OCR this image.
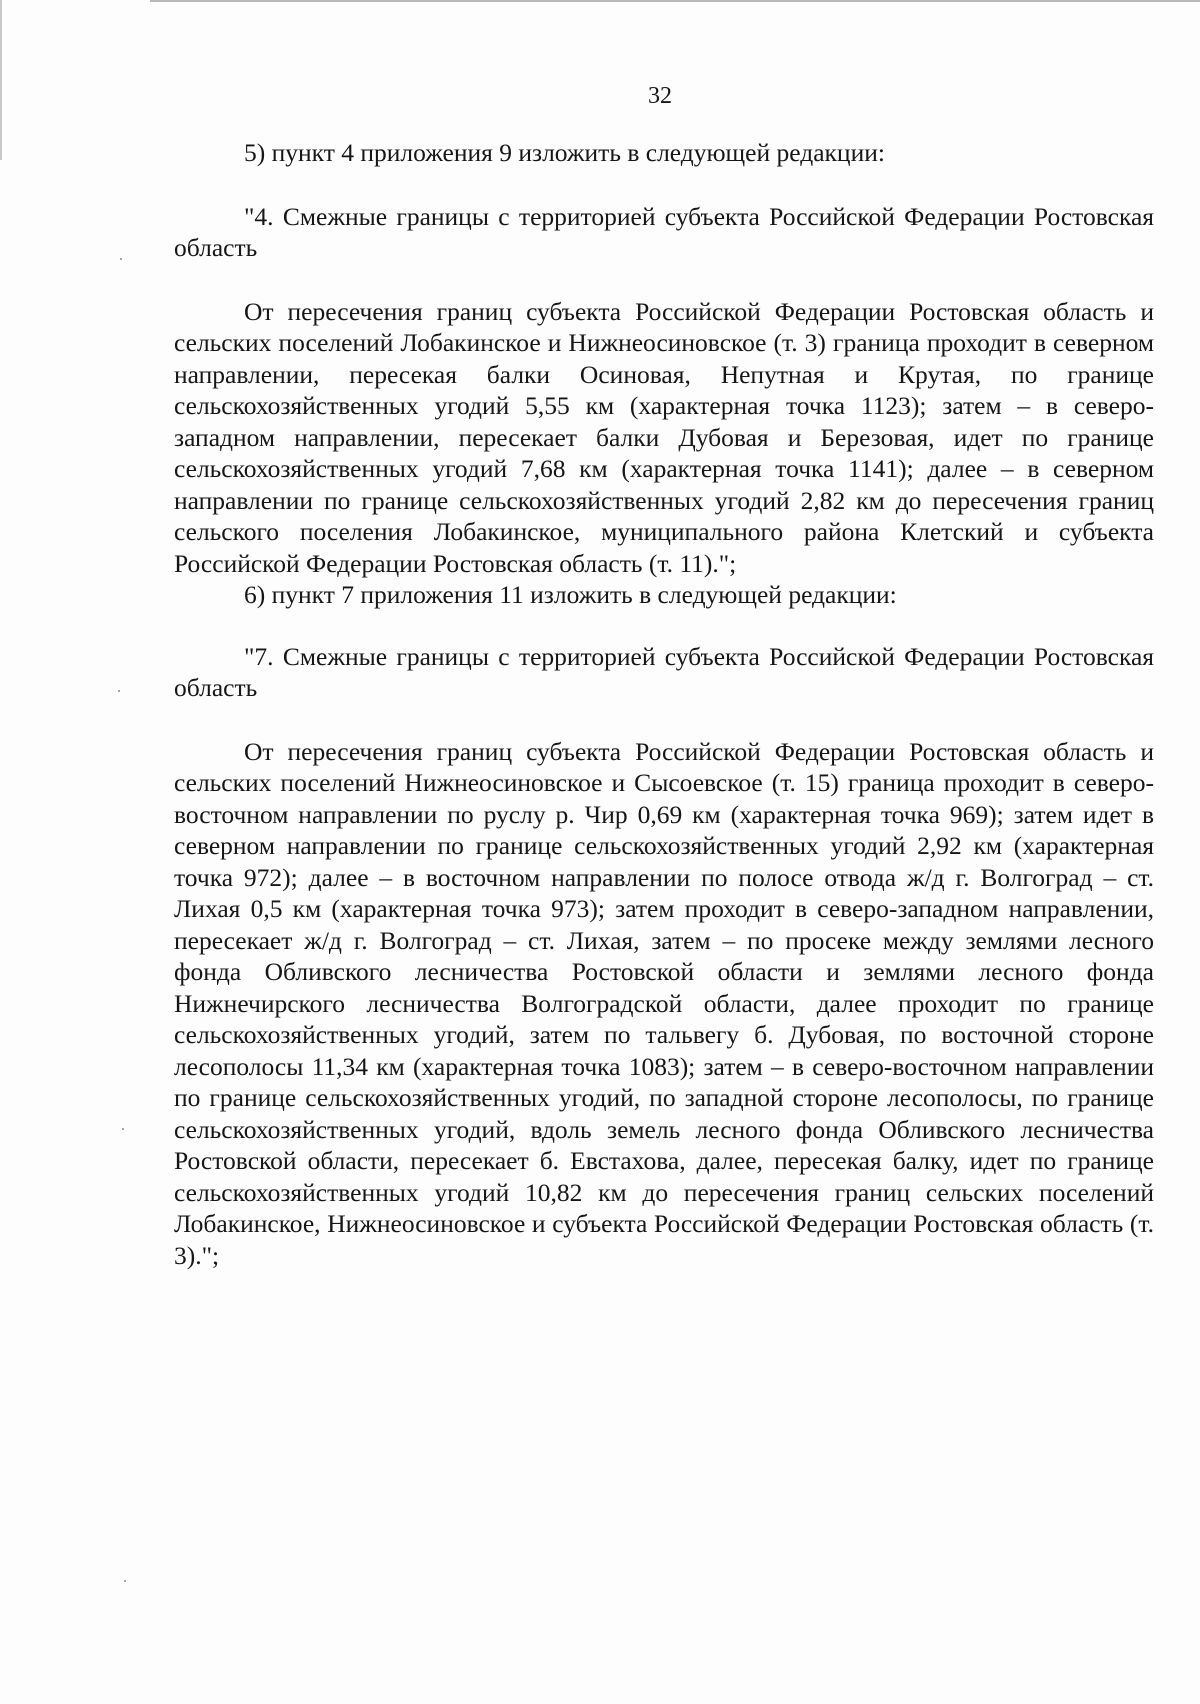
32

5) пункт 4 приложения 9 изложить в следующей редакции:

"4. Смежные границы с территорией субъекта Российской Федерации Ростовская область

От пересечения границ субъекта Российской Федерации Ростовская область и сельских поселений Лобакинское и Нижнеосиновское (т. 3) граница проходит в северном направлении, пересекая балки Осиновая, Непутная и Крутая, по границе сельскохозяйственных угодий 5,55 км (характерная точка 1123); затем – в северо-западном направлении, пересекает балки Дубовая и Березовая, идет по границе сельскохозяйственных угодий 7,68 км (характерная точка 1141); далее – в северном направлении по границе сельскохозяйственных угодий 2,82 км до пересечения границ сельского поселения Лобакинское, муниципального района Клетский и субъекта Российской Федерации Ростовская область (т. 11).";

6) пункт 7 приложения 11 изложить в следующей редакции:

"7. Смежные границы с территорией субъекта Российской Федерации Ростовская область

От пересечения границ субъекта Российской Федерации Ростовская область и сельских поселений Нижнеосиновское и Сысоевское (т. 15) граница проходит в северо-восточном направлении по руслу р. Чир 0,69 км (характерная точка 969); затем идет в северном направлении по границе сельскохозяйственных угодий 2,92 км (характерная точка 972); далее – в восточном направлении по полосе отвода ж/д г. Волгоград – ст. Лихая 0,5 км (характерная точка 973); затем проходит в северо-западном направлении, пересекает ж/д г. Волгоград – ст. Лихая, затем – по просеке между землями лесного фонда Обливского лесничества Ростовской области и землями лесного фонда Нижнечирского лесничества Волгоградской области, далее проходит по границе сельскохозяйственных угодий, затем по тальвегу б. Дубовая, по восточной стороне лесополосы 11,34 км (характерная точка 1083); затем – в северо-восточном направлении по границе сельскохозяйственных угодий, по западной стороне лесополосы, по границе сельскохозяйственных угодий, вдоль земель лесного фонда Обливского лесничества Ростовской области, пересекает б. Евстахова, далее, пересекая балку, идет по границе сельскохозяйственных угодий 10,82 км до пересечения границ сельских поселений Лобакинское, Нижнеосиновское и субъекта Российской Федерации Ростовская область (т. 3).";
